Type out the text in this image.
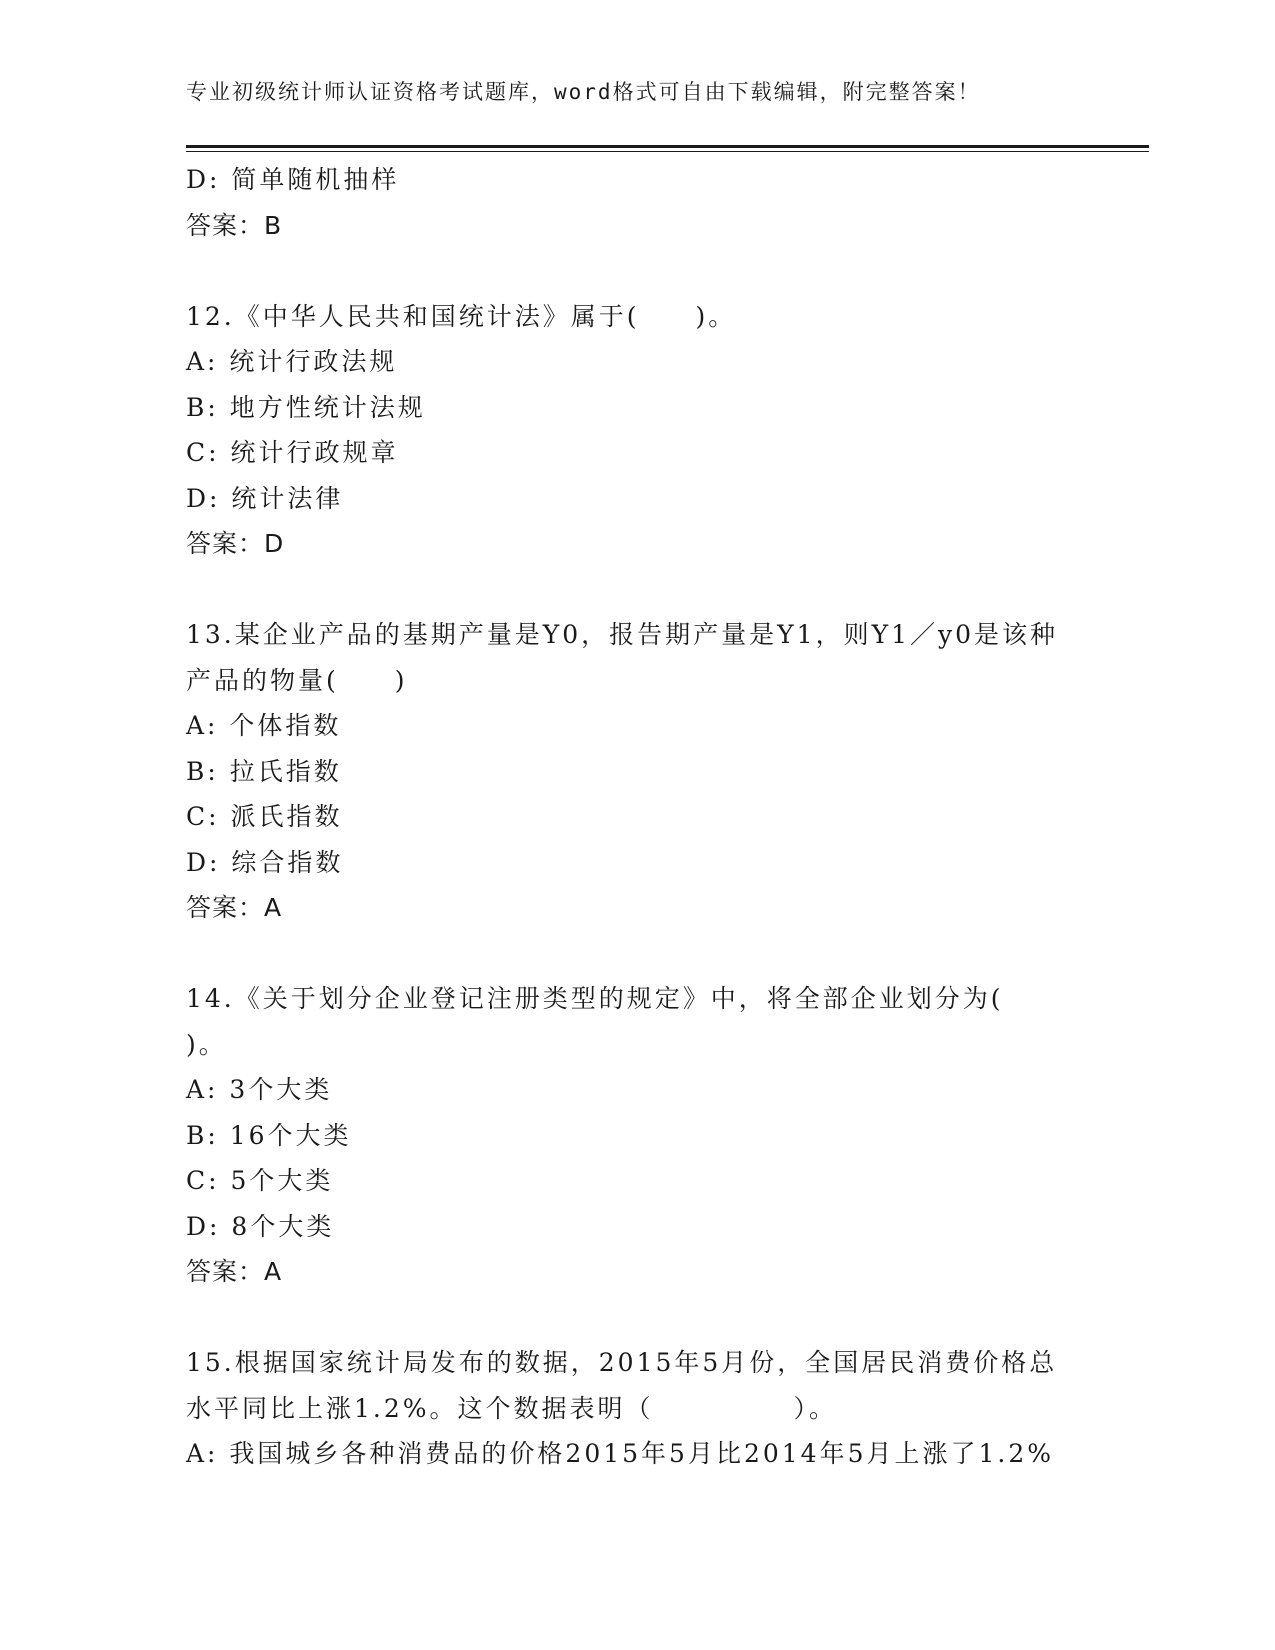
专业初级统计师认证资格考试题库，word格式可自由下载编辑，附完整答案！
D: 简单随机抽样
答案：B
12.《中华人民共和国统计法》属于(　　)。
A: 统计行政法规
B: 地方性统计法规
C: 统计行政规章
D: 统计法律
答案：D
13.某企业产品的基期产量是Y0，报告期产量是Y1，则Y1／y0是该种
产品的物量(　　)
A: 个体指数
B: 拉氏指数
C: 派氏指数
D: 综合指数
答案：A
14.《关于划分企业登记注册类型的规定》中，将全部企业划分为(
)。
A: 3个大类
B: 16个大类
C: 5个大类
D: 8个大类
答案：A
15.根据国家统计局发布的数据，2015年5月份，全国居民消费价格总
水平同比上涨1.2%。这个数据表明（　　　　　）。
A: 我国城乡各种消费品的价格2015年5月比2014年5月上涨了1.2%
